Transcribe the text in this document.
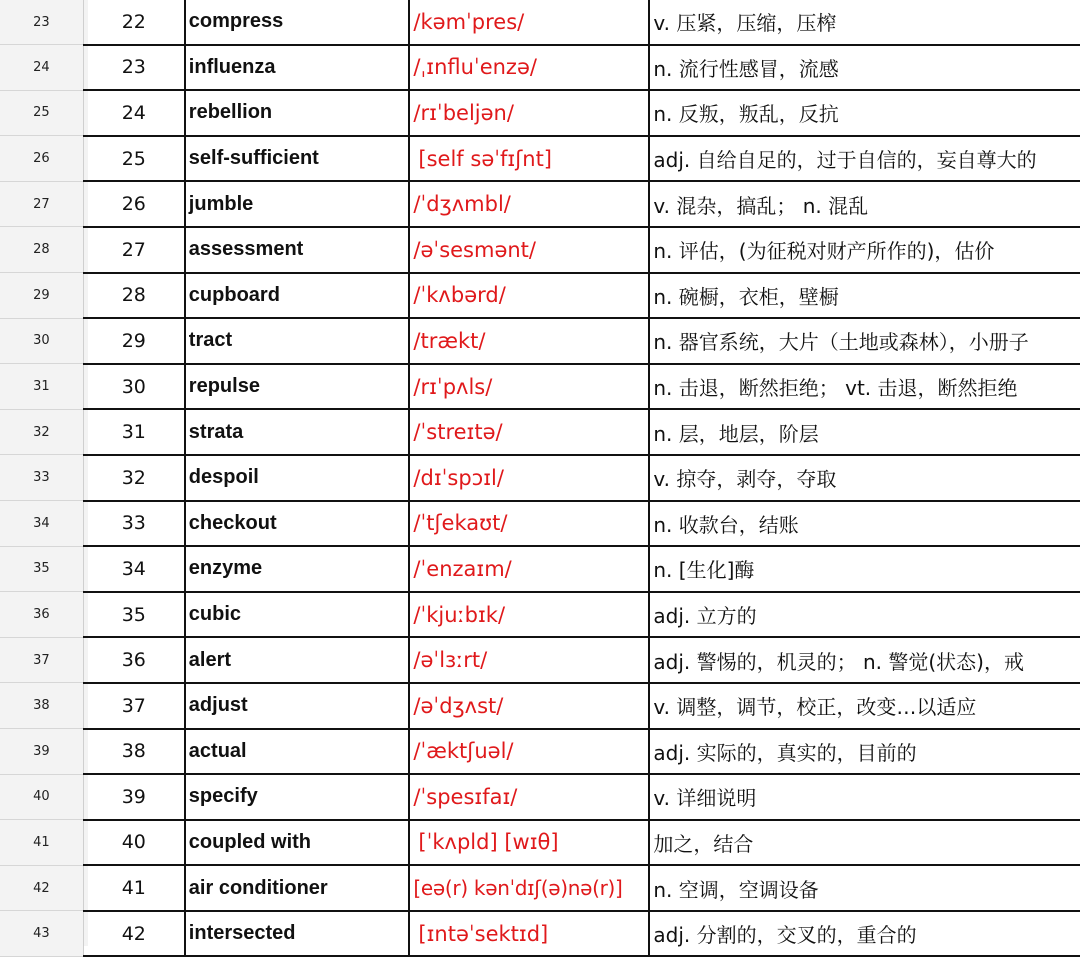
23	22	compress	/kəmˈpres/	v. 压紧，压缩，压榨
24	23	influenza	/ˌɪnfluˈenzə/	n. 流行性感冒，流感
25	24	rebellion	/rɪˈbeljən/	n. 反叛，叛乱，反抗
26	25	self-sufficient	[self səˈfɪʃnt]	adj. 自给自足的，过于自信的，妄自尊大的
27	26	jumble	/ˈdʒʌmbl/	v. 混杂，搞乱； n. 混乱
28	27	assessment	/əˈsesmənt/	n. 评估，(为征税对财产所作的)，估价
29	28	cupboard	/ˈkʌbərd/	n. 碗橱，衣柜，壁橱
30	29	tract	/trækt/	n. 器官系统，大片（土地或森林），小册子
31	30	repulse	/rɪˈpʌls/	n. 击退，断然拒绝； vt. 击退，断然拒绝
32	31	strata	/ˈstreɪtə/	n. 层，地层，阶层
33	32	despoil	/dɪˈspɔɪl/	v. 掠夺，剥夺，夺取
34	33	checkout	/ˈtʃekaʊt/	n. 收款台，结账
35	34	enzyme	/ˈenzaɪm/	n. [生化]酶
36	35	cubic	/ˈkjuːbɪk/	adj. 立方的
37	36	alert	/əˈlɜːrt/	adj. 警惕的，机灵的； n. 警觉(状态)，戒
38	37	adjust	/əˈdʒʌst/	v. 调整，调节，校正，改变…以适应
39	38	actual	/ˈæktʃuəl/	adj. 实际的，真实的，目前的
40	39	specify	/ˈspesɪfaɪ/	v. 详细说明
41	40	coupled with	[ˈkʌpld] [wɪθ]	加之，结合
42	41	air conditioner	[eə(r) kənˈdɪʃ(ə)nə(r)]	n. 空调，空调设备
43	42	intersected	[ɪntəˈsektɪd]	adj. 分割的，交叉的，重合的
